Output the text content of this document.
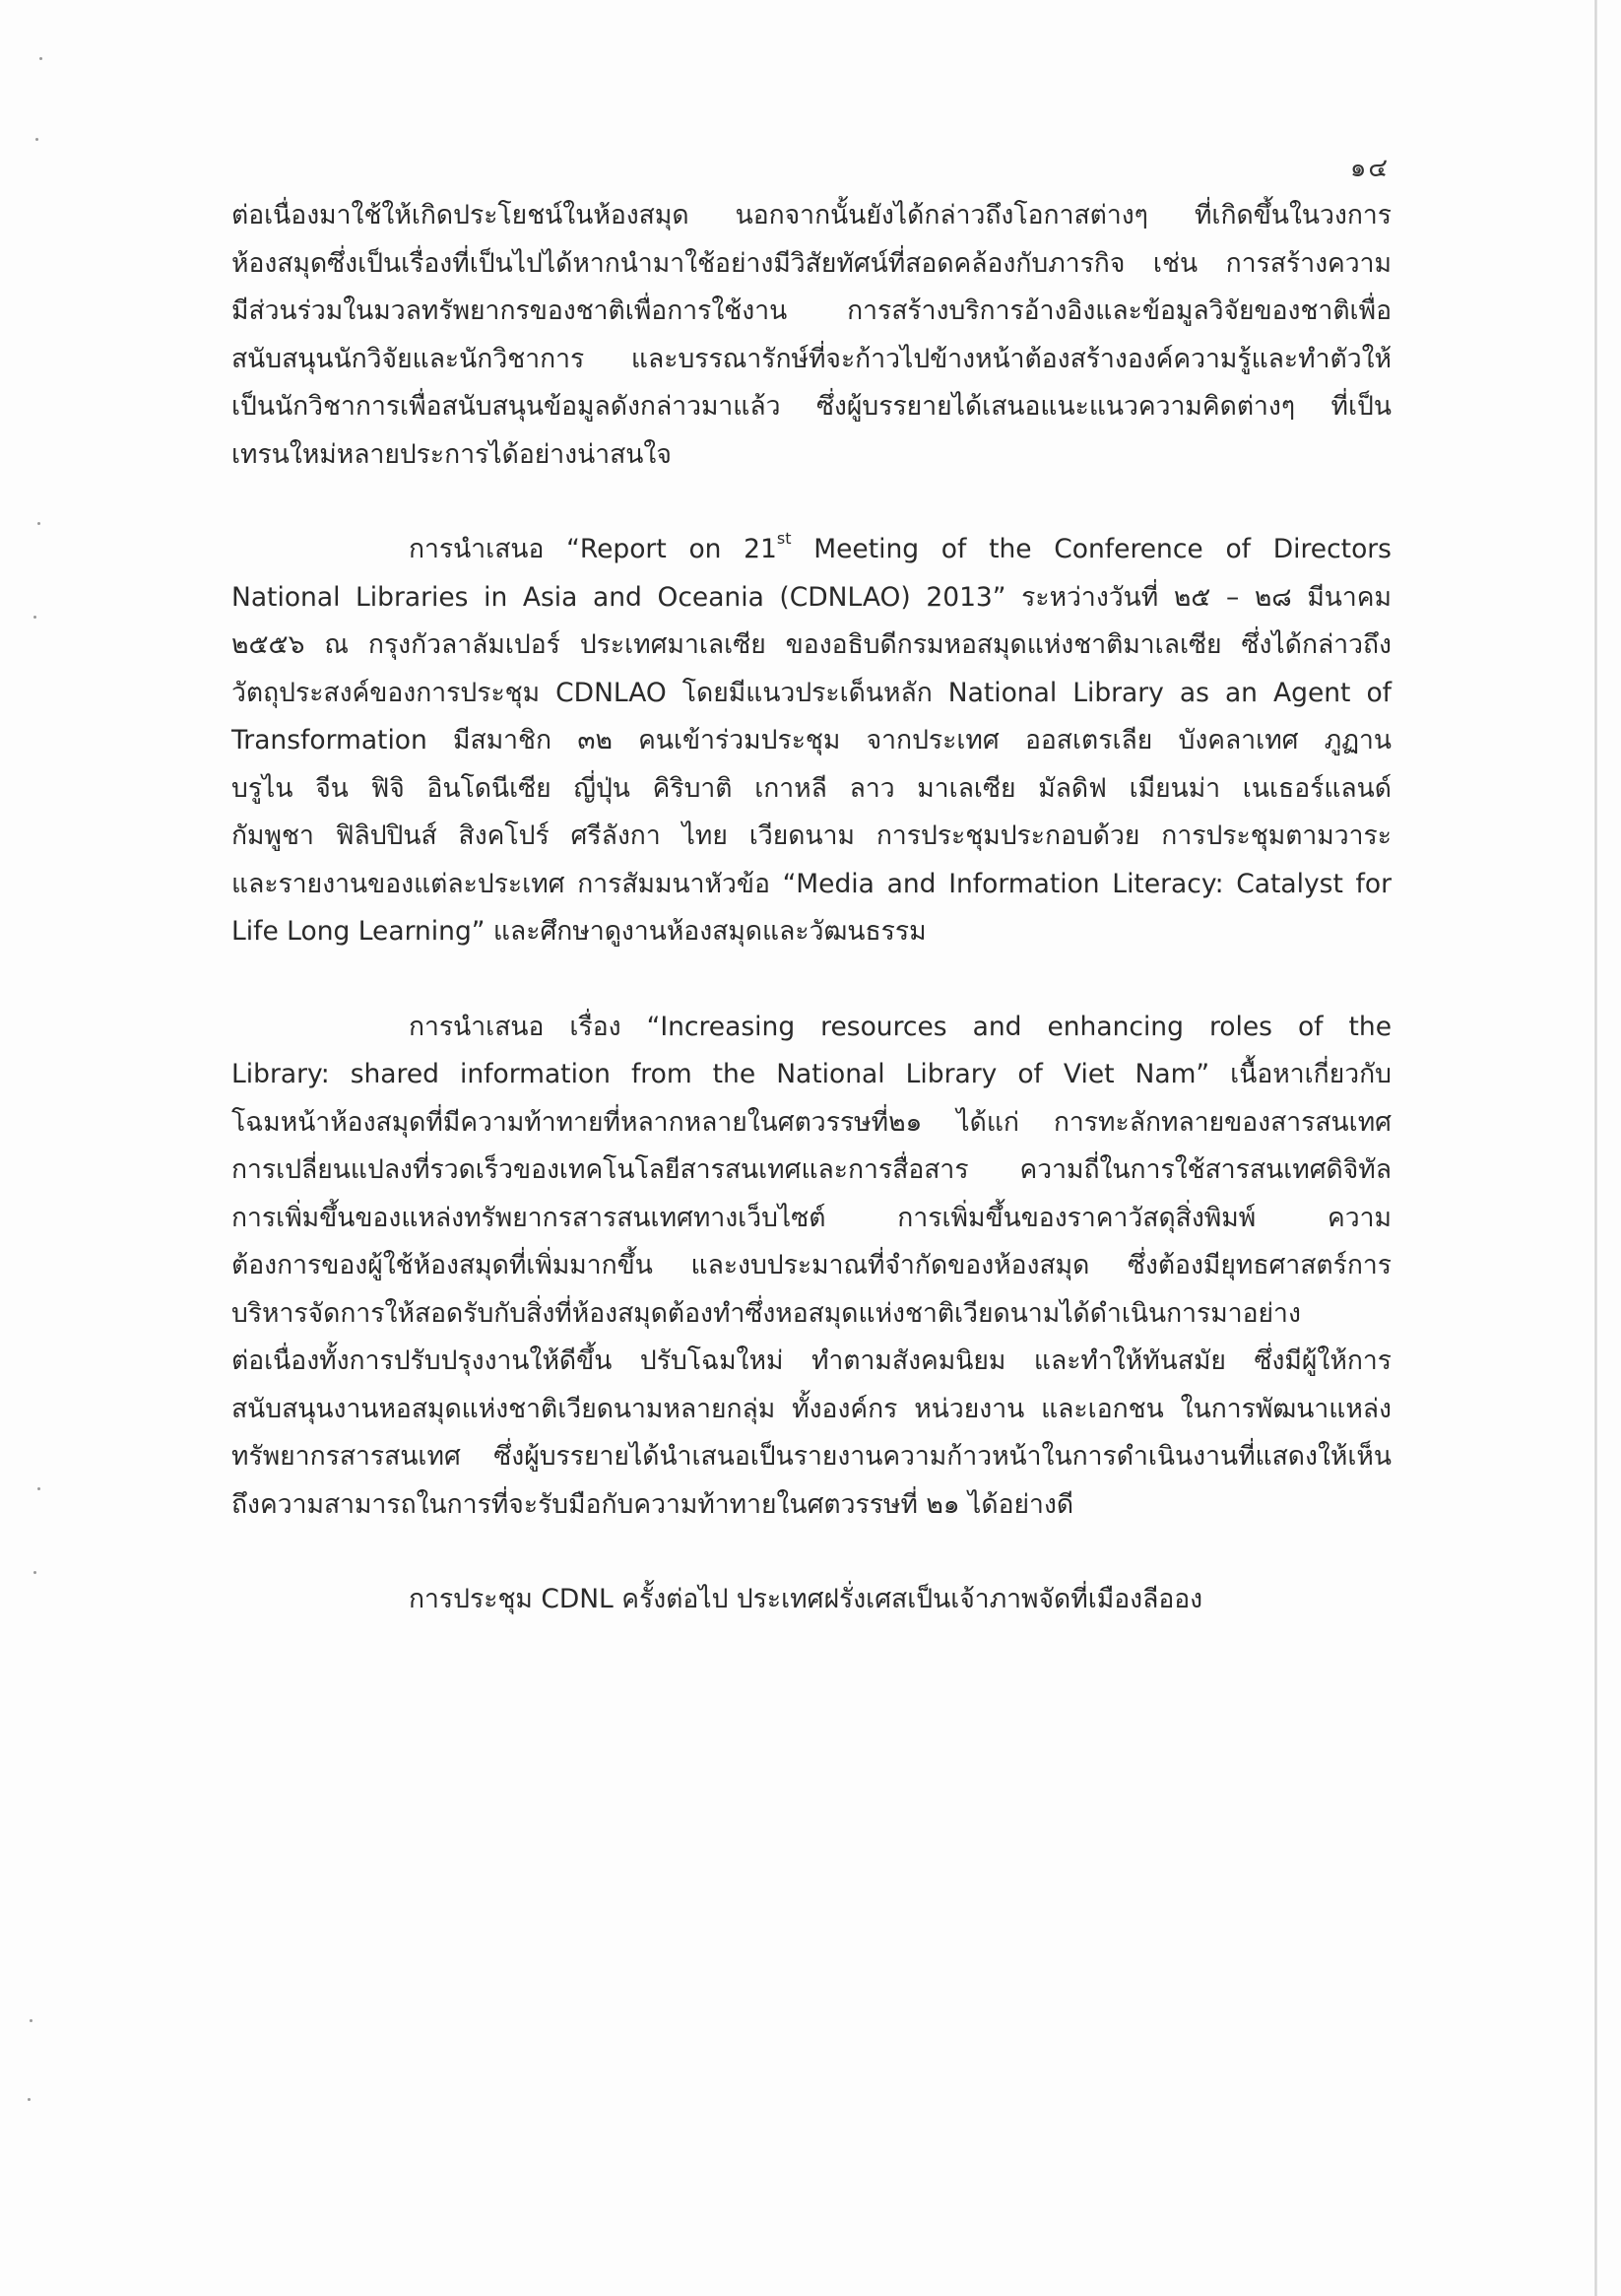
๑๔
ต่อเนื่องมาใช้ให้เกิดประโยชน์ในห้องสมุด นอกจากนั้นยังได้กล่าวถึงโอกาสต่างๆ ที่เกิดขึ้นในวงการ
ห้องสมุดซึ่งเป็นเรื่องที่เป็นไปได้หากนำมาใช้อย่างมีวิสัยทัศน์ที่สอดคล้องกับภารกิจ เช่น การสร้างความ
มีส่วนร่วมในมวลทรัพยากรของชาติเพื่อการใช้งาน การสร้างบริการอ้างอิงและข้อมูลวิจัยของชาติเพื่อ
สนับสนุนนักวิจัยและนักวิชาการ และบรรณารักษ์ที่จะก้าวไปข้างหน้าต้องสร้างองค์ความรู้และทำตัวให้
เป็นนักวิชาการเพื่อสนับสนุนข้อมูลดังกล่าวมาแล้ว ซึ่งผู้บรรยายได้เสนอแนะแนวความคิดต่างๆ ที่เป็น
เทรนใหม่หลายประการได้อย่างน่าสนใจ
การนำเสนอ “Report on 21st Meeting of the Conference of Directors
National Libraries in Asia and Oceania (CDNLAO) 2013” ระหว่างวันที่ ๒๕ – ๒๘ มีนาคม
๒๕๕๖ ณ กรุงกัวลาลัมเปอร์ ประเทศมาเลเซีย ของอธิบดีกรมหอสมุดแห่งชาติมาเลเซีย ซึ่งได้กล่าวถึง
วัตถุประสงค์ของการประชุม CDNLAO โดยมีแนวประเด็นหลัก National Library as an Agent of
Transformation มีสมาชิก ๓๒ คนเข้าร่วมประชุม จากประเทศ ออสเตรเลีย บังคลาเทศ ภูฏาน
บรูไน จีน ฟิจิ อินโดนีเซีย ญี่ปุ่น คิริบาติ เกาหลี ลาว มาเลเซีย มัลดิฟ เมียนม่า เนเธอร์แลนด์
กัมพูชา ฟิลิปปินส์ สิงคโปร์ ศรีลังกา ไทย เวียดนาม การประชุมประกอบด้วย การประชุมตามวาระ
และรายงานของแต่ละประเทศ การสัมมนาหัวข้อ “Media and Information Literacy: Catalyst for
Life Long Learning” และศึกษาดูงานห้องสมุดและวัฒนธรรม
การนำเสนอ เรื่อง “Increasing resources and enhancing roles of the
Library: shared information from the National Library of Viet Nam” เนื้อหาเกี่ยวกับ
โฉมหน้าห้องสมุดที่มีความท้าทายที่หลากหลายในศตวรรษที่๒๑ ได้แก่ การทะลักทลายของสารสนเทศ
การเปลี่ยนแปลงที่รวดเร็วของเทคโนโลยีสารสนเทศและการสื่อสาร ความถี่ในการใช้สารสนเทศดิจิทัล
การเพิ่มขึ้นของแหล่งทรัพยากรสารสนเทศทางเว็บไซต์ การเพิ่มขึ้นของราคาวัสดุสิ่งพิมพ์ ความ
ต้องการของผู้ใช้ห้องสมุดที่เพิ่มมากขึ้น และงบประมาณที่จำกัดของห้องสมุด ซึ่งต้องมียุทธศาสตร์การ
บริหารจัดการให้สอดรับกับสิ่งที่ห้องสมุดต้องทำซึ่งหอสมุดแห่งชาติเวียดนามได้ดำเนินการมาอย่าง
ต่อเนื่องทั้งการปรับปรุงงานให้ดีขึ้น ปรับโฉมใหม่ ทำตามสังคมนิยม และทำให้ทันสมัย ซึ่งมีผู้ให้การ
สนับสนุนงานหอสมุดแห่งชาติเวียดนามหลายกลุ่ม ทั้งองค์กร หน่วยงาน และเอกชน ในการพัฒนาแหล่ง
ทรัพยากรสารสนเทศ ซึ่งผู้บรรยายได้นำเสนอเป็นรายงานความก้าวหน้าในการดำเนินงานที่แสดงให้เห็น
ถึงความสามารถในการที่จะรับมือกับความท้าทายในศตวรรษที่ ๒๑ ได้อย่างดี

การประชุม CDNL ครั้งต่อไป ประเทศฝรั่งเศสเป็นเจ้าภาพจัดที่เมืองลีออง
